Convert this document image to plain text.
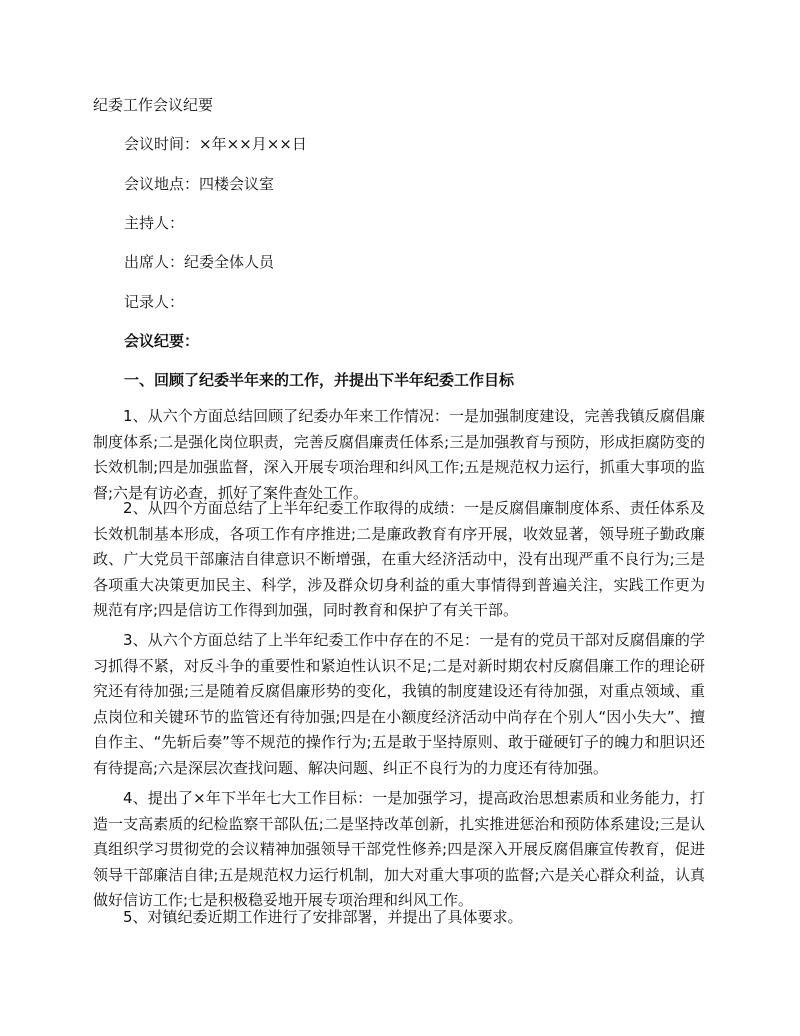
纪委工作会议纪要
会议时间：×年××月××日
会议地点：四楼会议室
主持人：
出席人：纪委全体人员
记录人：
会议纪要：
一、回顾了纪委半年来的工作，并提出下半年纪委工作目标
1、从六个方面总结回顾了纪委办年来工作情况：一是加强制度建设，完善我镇反腐倡廉制度体系;二是强化岗位职责，完善反腐倡廉责任体系;三是加强教育与预防，形成拒腐防变的长效机制;四是加强监督，深入开展专项治理和纠风工作;五是规范权力运行，抓重大事项的监督;六是有访必查，抓好了案件查处工作。
2、从四个方面总结了上半年纪委工作取得的成绩：一是反腐倡廉制度体系、责任体系及长效机制基本形成，各项工作有序推进;二是廉政教育有序开展，收效显著，领导班子勤政廉政、广大党员干部廉洁自律意识不断增强，在重大经济活动中，没有出现严重不良行为;三是各项重大决策更加民主、科学，涉及群众切身利益的重大事情得到普遍关注，实践工作更为规范有序;四是信访工作得到加强，同时教育和保护了有关干部。
3、从六个方面总结了上半年纪委工作中存在的不足：一是有的党员干部对反腐倡廉的学习抓得不紧，对反斗争的重要性和紧迫性认识不足;二是对新时期农村反腐倡廉工作的理论研究还有待加强;三是随着反腐倡廉形势的变化，我镇的制度建设还有待加强，对重点领域、重点岗位和关键环节的监管还有待加强;四是在小额度经济活动中尚存在个别人“因小失大”、擅自作主、“先斩后奏”等不规范的操作行为;五是敢于坚持原则、敢于碰硬钉子的魄力和胆识还有待提高;六是深层次查找问题、解决问题、纠正不良行为的力度还有待加强。
4、提出了×年下半年七大工作目标：一是加强学习，提高政治思想素质和业务能力，打造一支高素质的纪检监察干部队伍;二是坚持改革创新，扎实推进惩治和预防体系建设;三是认真组织学习贯彻党的会议精神加强领导干部党性修养;四是深入开展反腐倡廉宣传教育，促进领导干部廉洁自律;五是规范权力运行机制，加大对重大事项的监督;六是关心群众利益，认真做好信访工作;七是积极稳妥地开展专项治理和纠风工作。
5、对镇纪委近期工作进行了安排部署，并提出了具体要求。
